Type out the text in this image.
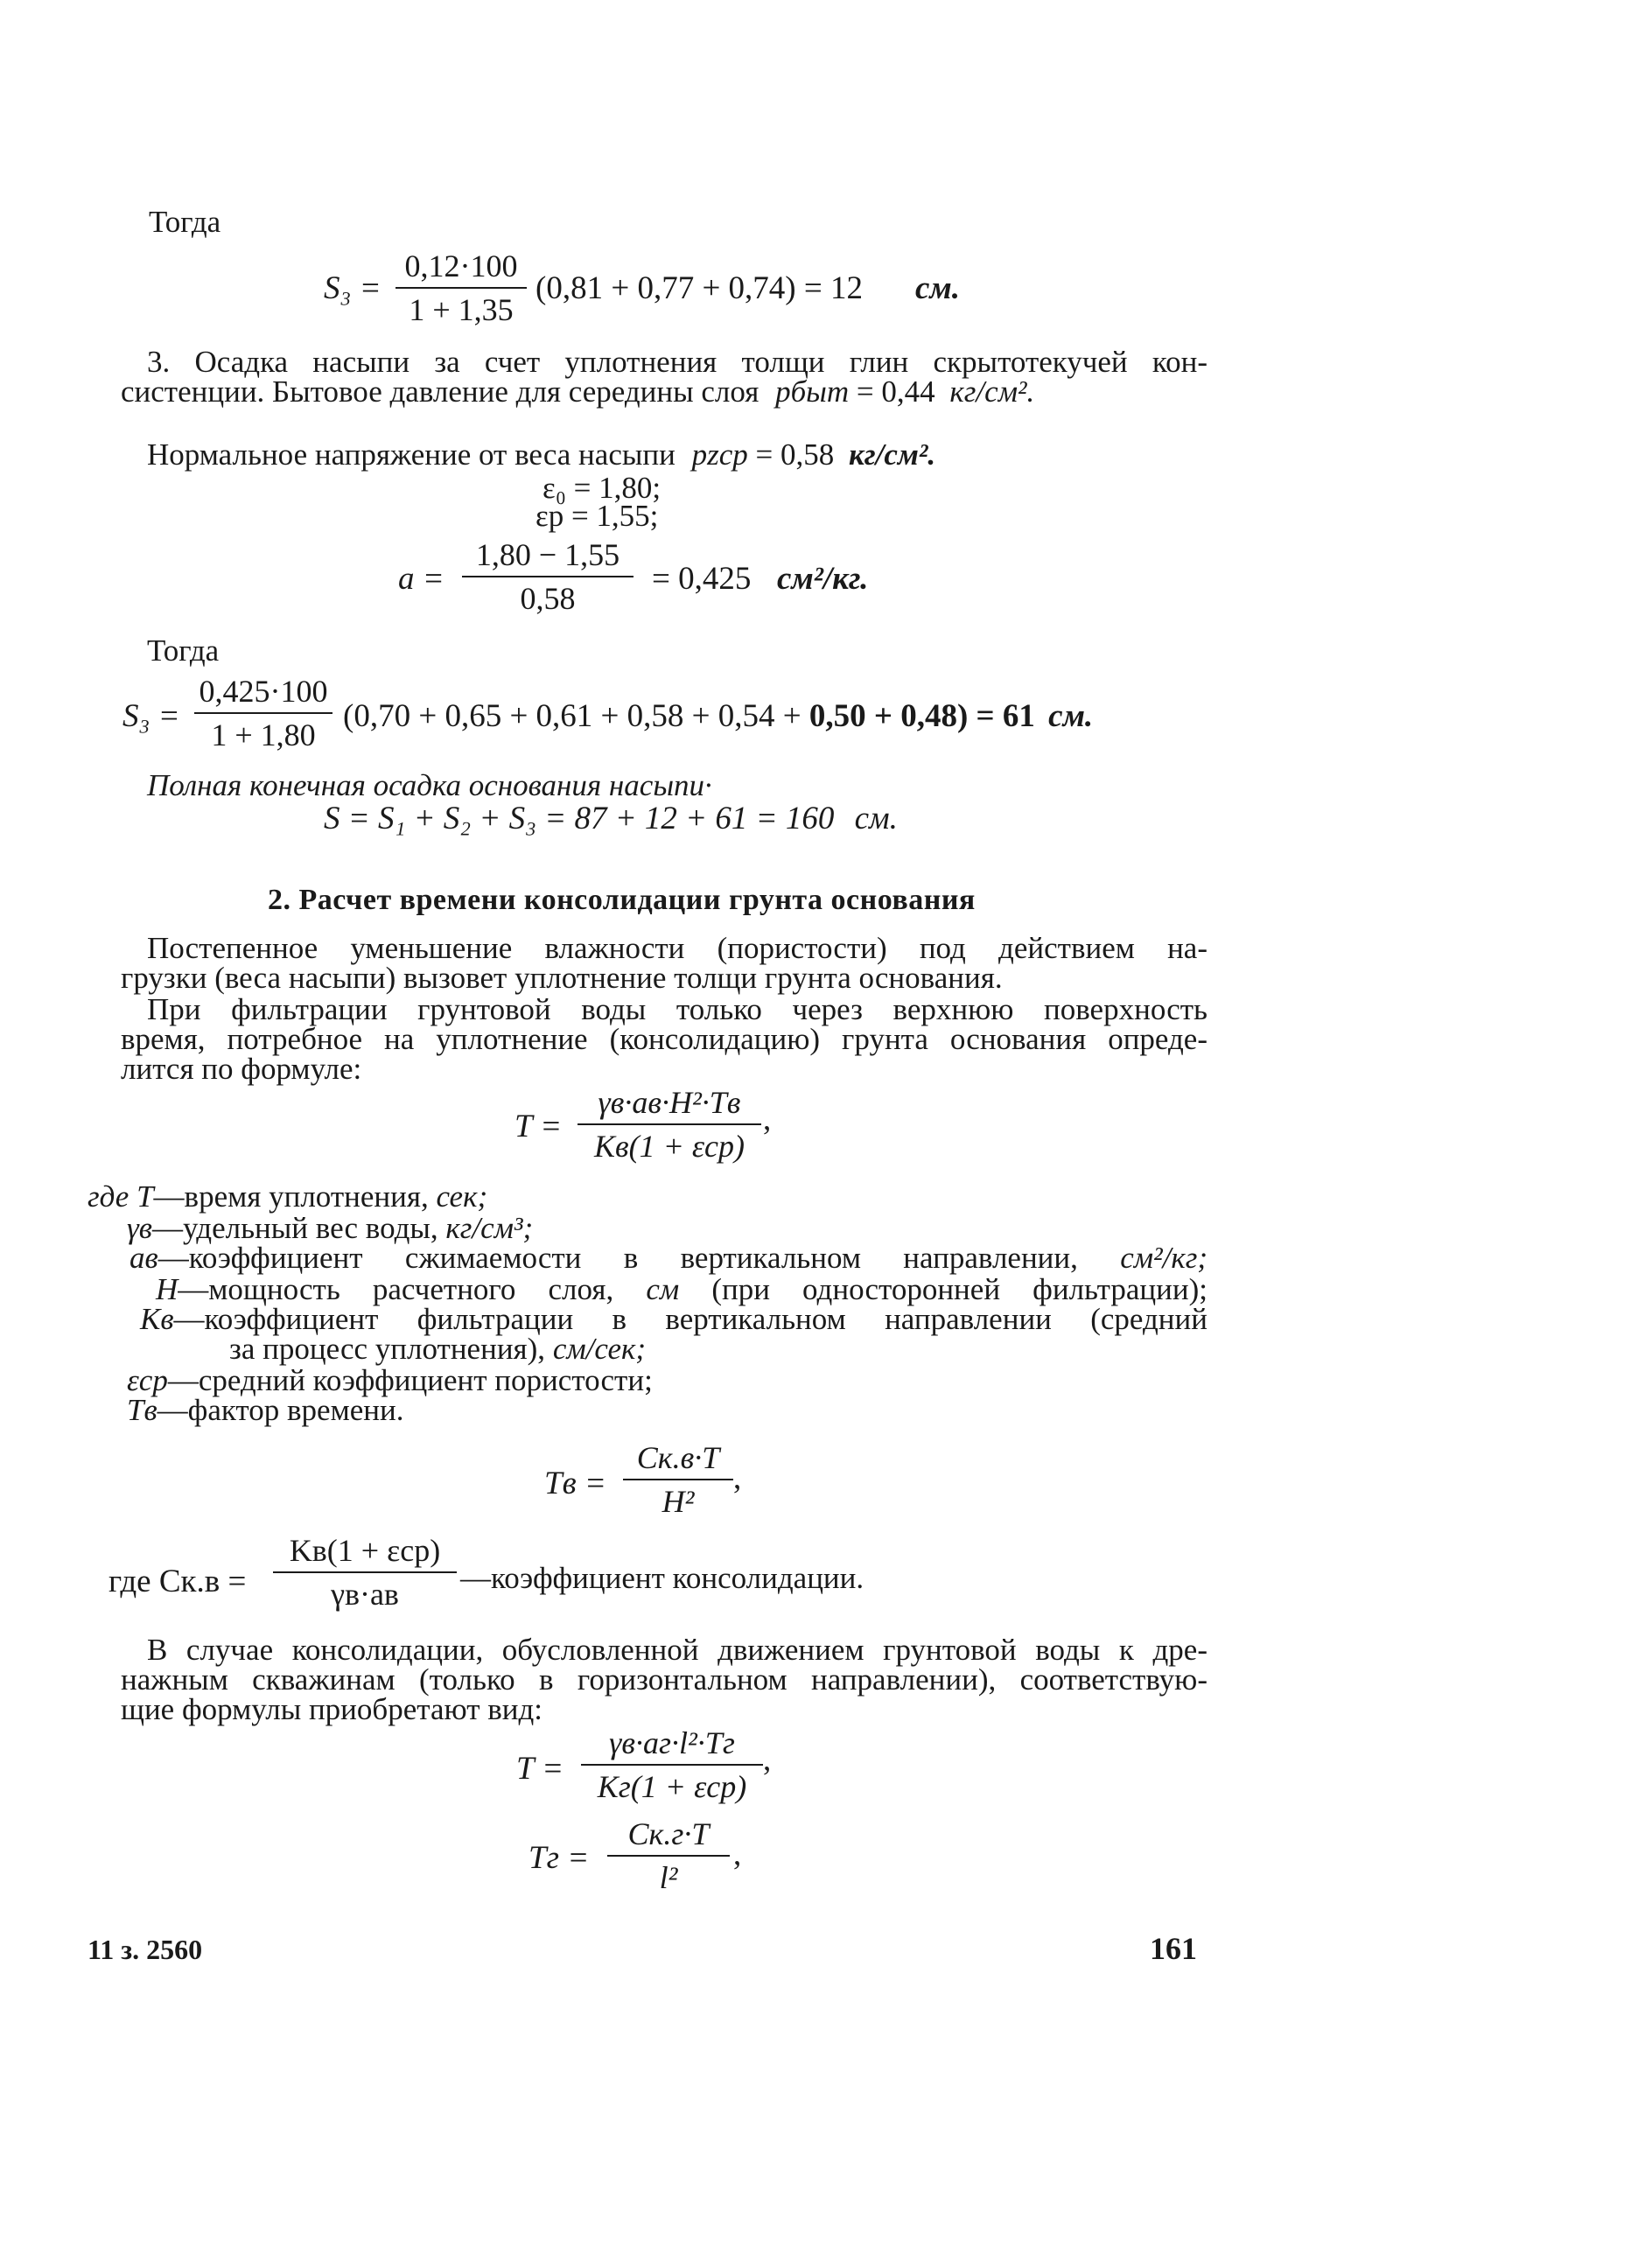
Тогда
S₃ =
0,12·100
1 + 1,35
(0,81 + 0,77 + 0,74) = 12 см.
3. Осадка насыпи за счет уплотнения толщи глин скрытотекучей кон-
систенции. Бытовое давление для середины слоя pбыт = 0,44 кг/см².
Нормальное напряжение от веса насыпи pzср = 0,58 кг/см².
ε₀ = 1,80;
εp = 1,55;
a =
1,80 − 1,55
0,58
= 0,425 см²/кг.
Тогда
S₃ =
0,425·100
1 + 1,80
(0,70 + 0,65 + 0,61 + 0,58 + 0,54 + 0,50 + 0,48) = 61 см.
Полная конечная осадка основания насыпи·
S = S₁ + S₂ + S₃ = 87 + 12 + 61 = 160 см.
2. Расчет времени консолидации грунта основания
Постепенное уменьшение влажности (пористости) под действием на-
грузки (веса насыпи) вызовет уплотнение толщи грунта основания.
При фильтрации грунтовой воды только через верхнюю поверхность
время, потребное на уплотнение (консолидацию) грунта основания опреде-
лится по формуле:
T =
γв·aв·H²·Tв
Kв(1 + εср)
,
где T—время уплотнения, сек;
γв—удельный вес воды, кг/см³;
aв—коэффициент сжимаемости в вертикальном направлении, см²/кг;
H—мощность расчетного слоя, см (при односторонней фильтрации);
Kв—коэффициент фильтрации в вертикальном направлении (средний
за процесс уплотнения), см/сек;
εср—средний коэффициент пористости;
Tв—фактор времени.
Tв =
Cк.в·T
H²
,
где Cк.в =
Kв(1 + εср)
γв·aв	—коэффициент консолидации.
В случае консолидации, обусловленной движением грунтовой воды к дре-
нажным скважинам (только в горизонтальном направлении), соответствую-
щие формулы приобретают вид:
T =
γв·aг·l²·Tг
Kг(1 + εср)
,
Tг =
Cк.г·T
l²
,
11 з. 2560	161
